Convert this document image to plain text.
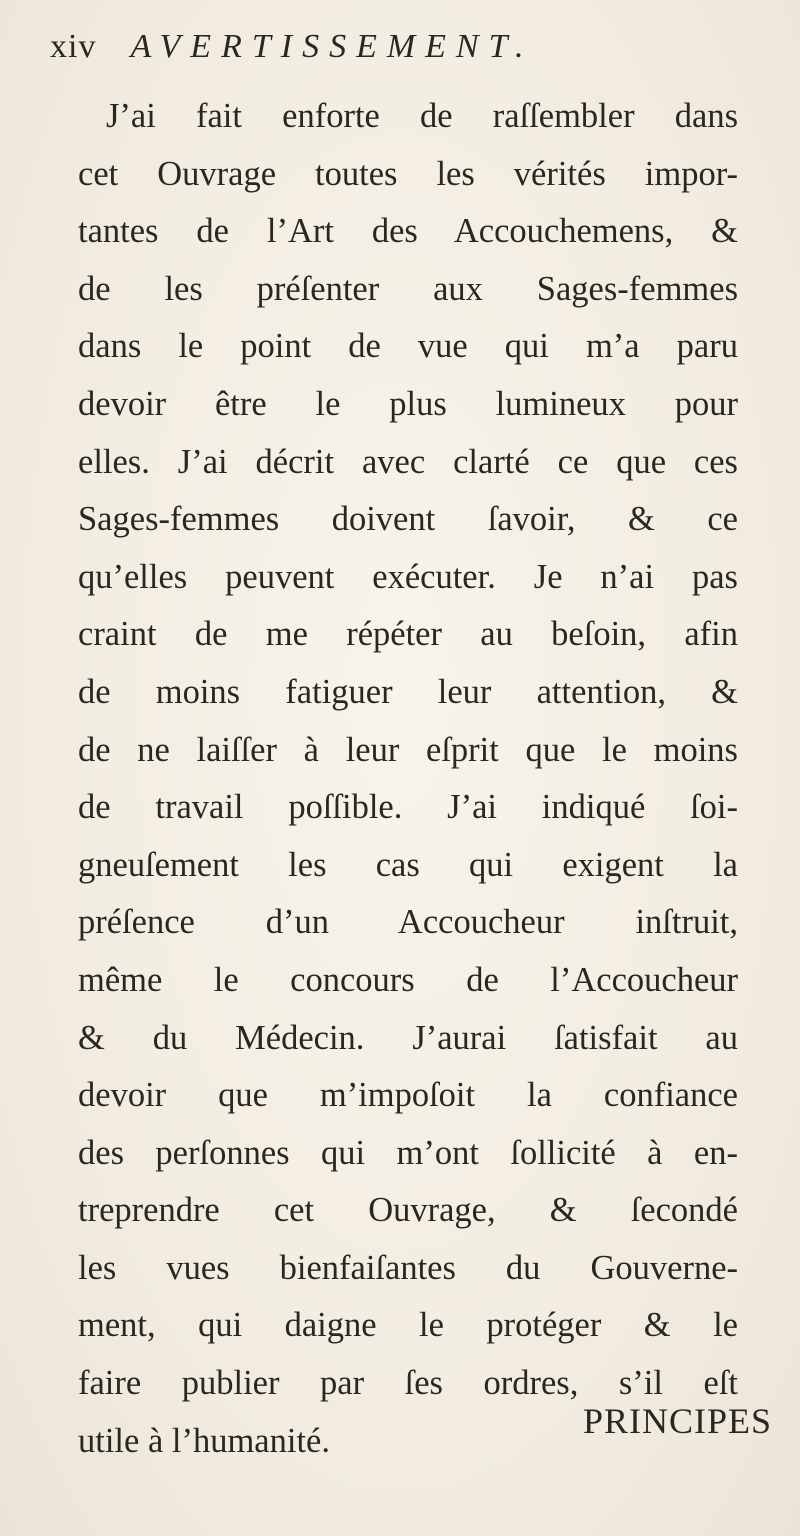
xiv AVERTISSEMENT.
J’ai fait enforte de raſſembler dans
cet Ouvrage toutes les vérités impor-
tantes de l’Art des Accouchemens, &
de les préſenter aux Sages-femmes
dans le point de vue qui m’a paru
devoir être le plus lumineux pour
elles. J’ai décrit avec clarté ce que ces
Sages-femmes doivent ſavoir, & ce
qu’elles peuvent exécuter. Je n’ai pas
craint de me répéter au beſoin, afin
de moins fatiguer leur attention, &
de ne laiſſer à leur eſprit que le moins
de travail poſſible. J’ai indiqué ſoi-
gneuſement les cas qui exigent la
préſence d’un Accoucheur inſtruit,
même le concours de l’Accoucheur
& du Médecin. J’aurai ſatisfait au
devoir que m’impoſoit la confiance
des perſonnes qui m’ont ſollicité à en-
treprendre cet Ouvrage, & ſecondé
les vues bienfaiſantes du Gouverne-
ment, qui daigne le protéger & le
faire publier par ſes ordres, s’il eſt
utile à l’humanité.	PRINCIPES
